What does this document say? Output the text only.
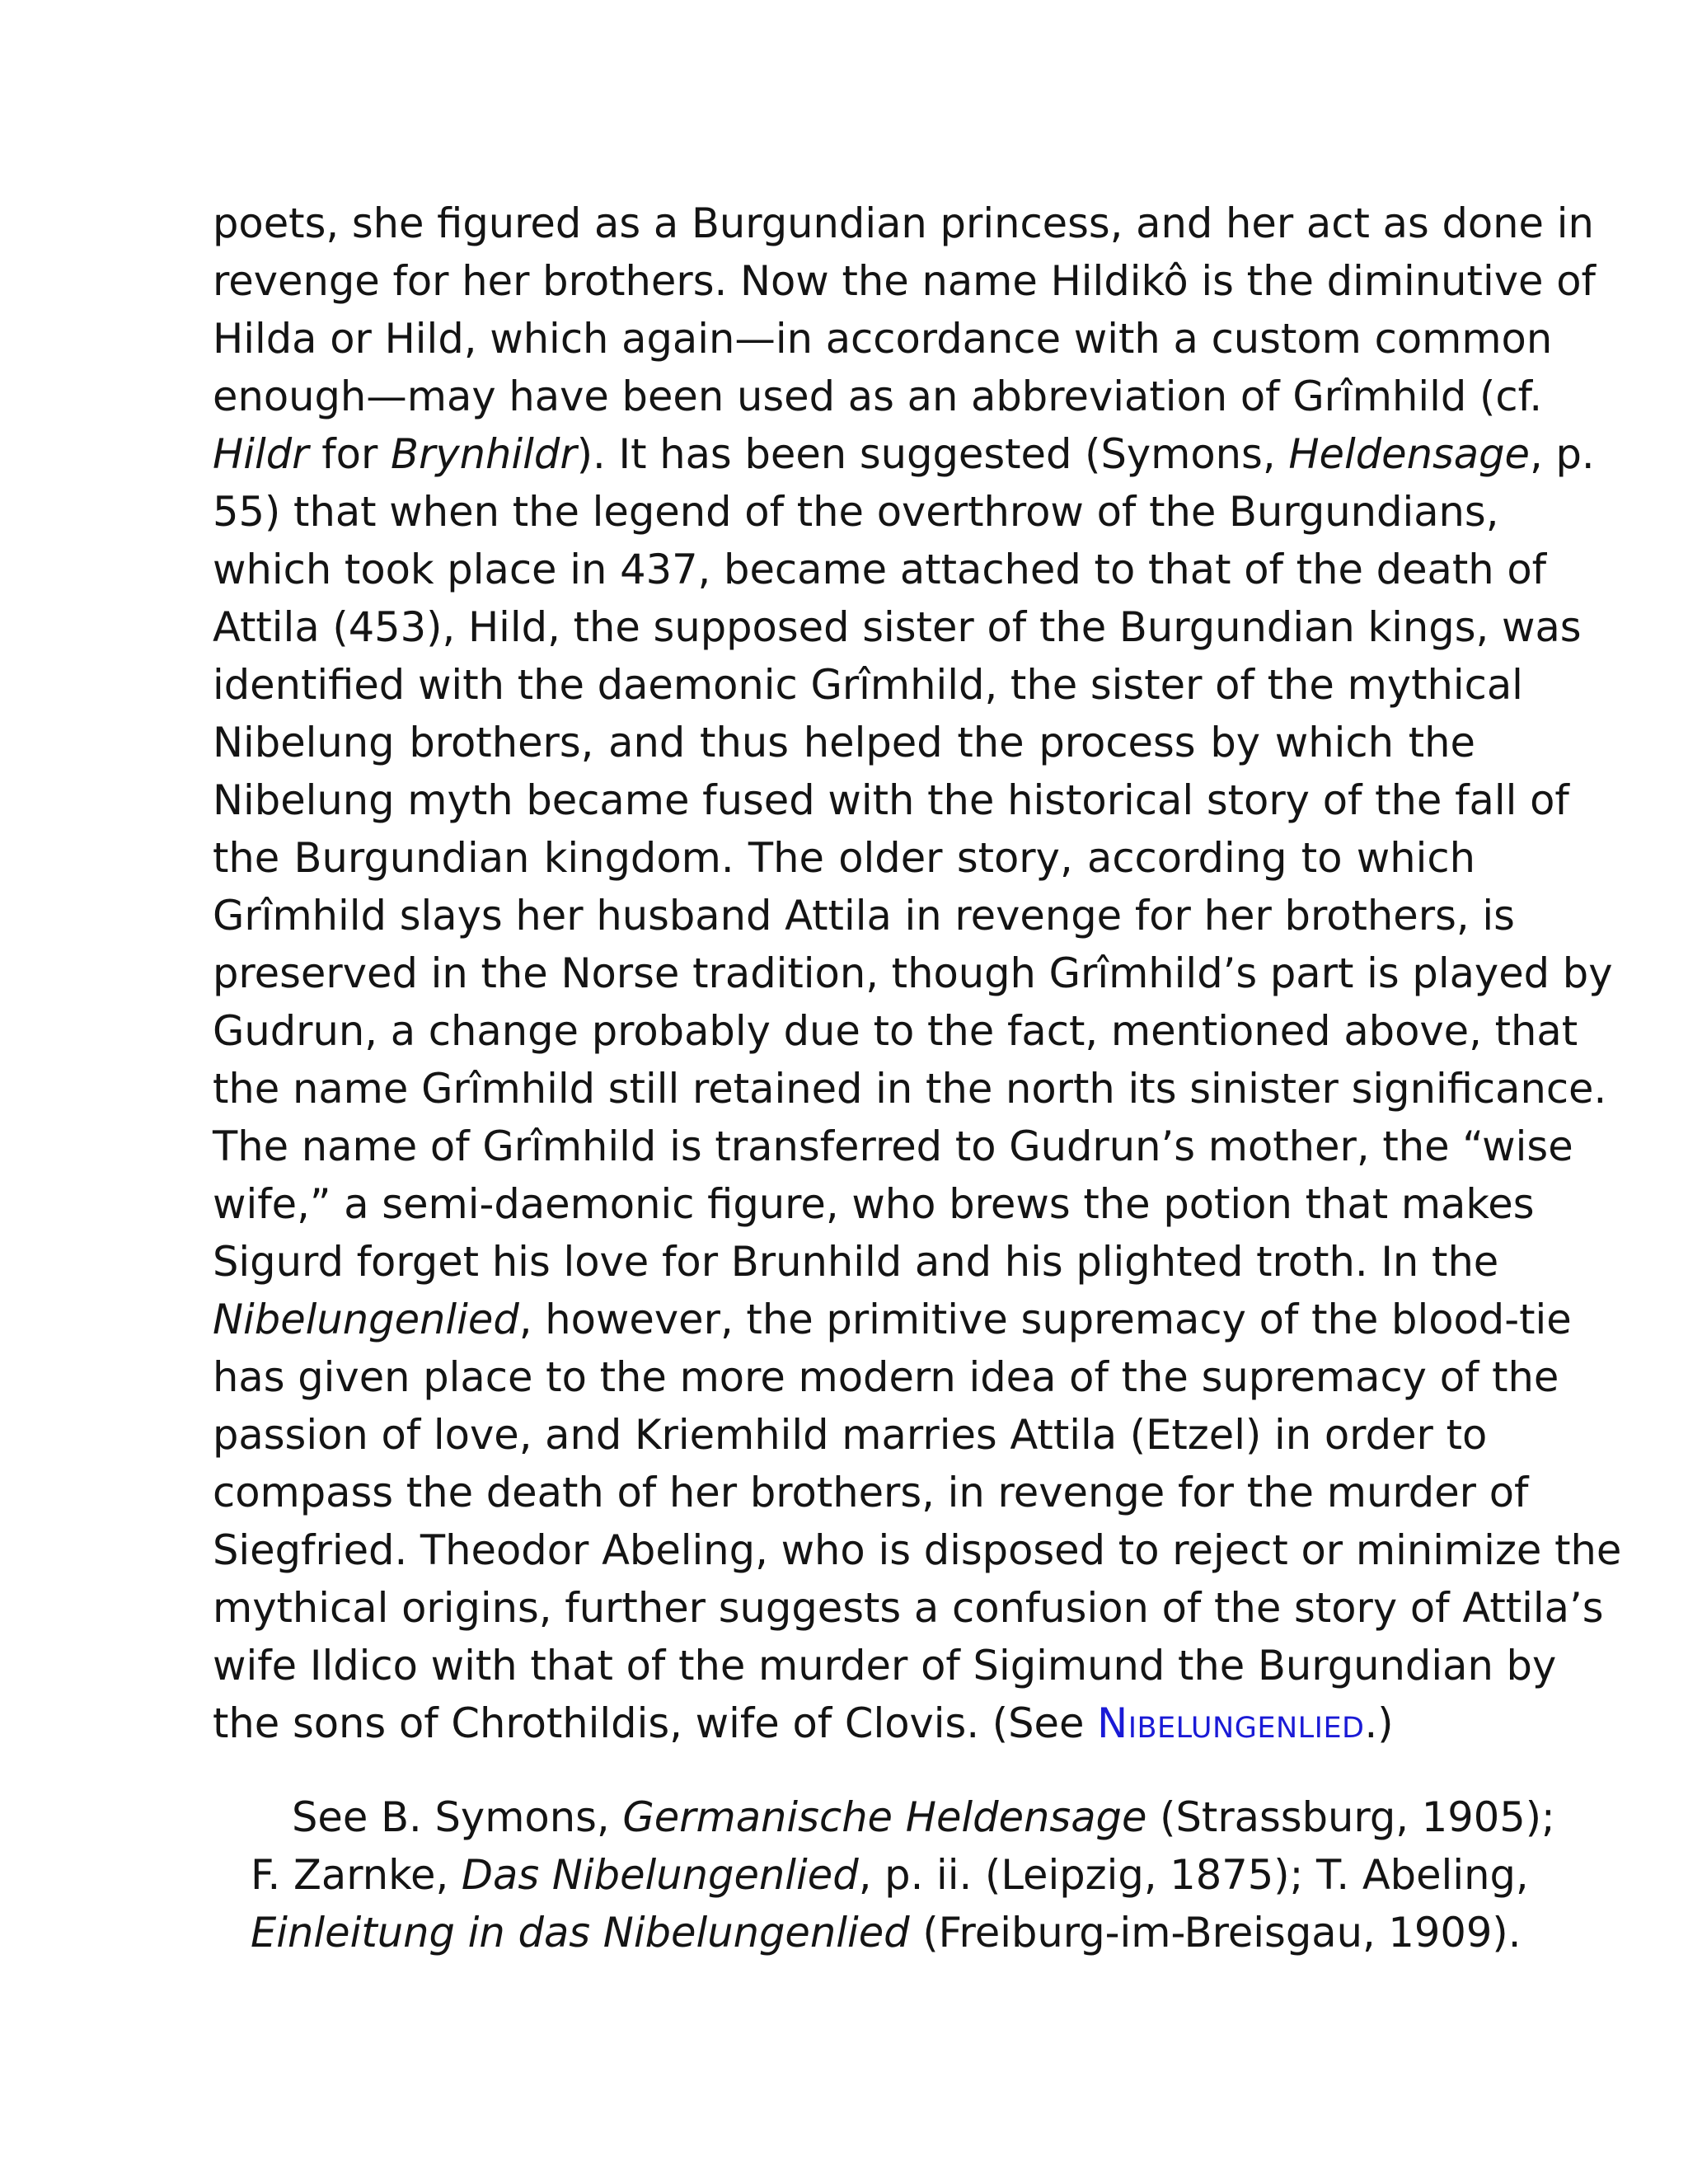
poets, she figured as a Burgundian princess, and her act as done in
revenge for her brothers. Now the name Hildikô is the diminutive of
Hilda or Hild, which again—in accordance with a custom common
enough—may have been used as an abbreviation of Grîmhild (cf.
Hildr for Brynhildr). It has been suggested (Symons, Heldensage, p.
55) that when the legend of the overthrow of the Burgundians,
which took place in 437, became attached to that of the death of
Attila (453), Hild, the supposed sister of the Burgundian kings, was
identified with the daemonic Grîmhild, the sister of the mythical
Nibelung brothers, and thus helped the process by which the
Nibelung myth became fused with the historical story of the fall of
the Burgundian kingdom. The older story, according to which
Grîmhild slays her husband Attila in revenge for her brothers, is
preserved in the Norse tradition, though Grîmhild’s part is played by
Gudrun, a change probably due to the fact, mentioned above, that
the name Grîmhild still retained in the north its sinister significance.
The name of Grîmhild is transferred to Gudrun’s mother, the “wise
wife,” a semi-daemonic figure, who brews the potion that makes
Sigurd forget his love for Brunhild and his plighted troth. In the
Nibelungenlied, however, the primitive supremacy of the blood-tie
has given place to the more modern idea of the supremacy of the
passion of love, and Kriemhild marries Attila (Etzel) in order to
compass the death of her brothers, in revenge for the murder of
Siegfried. Theodor Abeling, who is disposed to reject or minimize the
mythical origins, further suggests a confusion of the story of Attila’s
wife Ildico with that of the murder of Sigimund the Burgundian by
the sons of Chrothildis, wife of Clovis. (See Nibelungenlied.)
See B. Symons, Germanische Heldensage (Strassburg, 1905);
F. Zarnke, Das Nibelungenlied, p. ii. (Leipzig, 1875); T. Abeling,
Einleitung in das Nibelungenlied (Freiburg-im-Breisgau, 1909).
